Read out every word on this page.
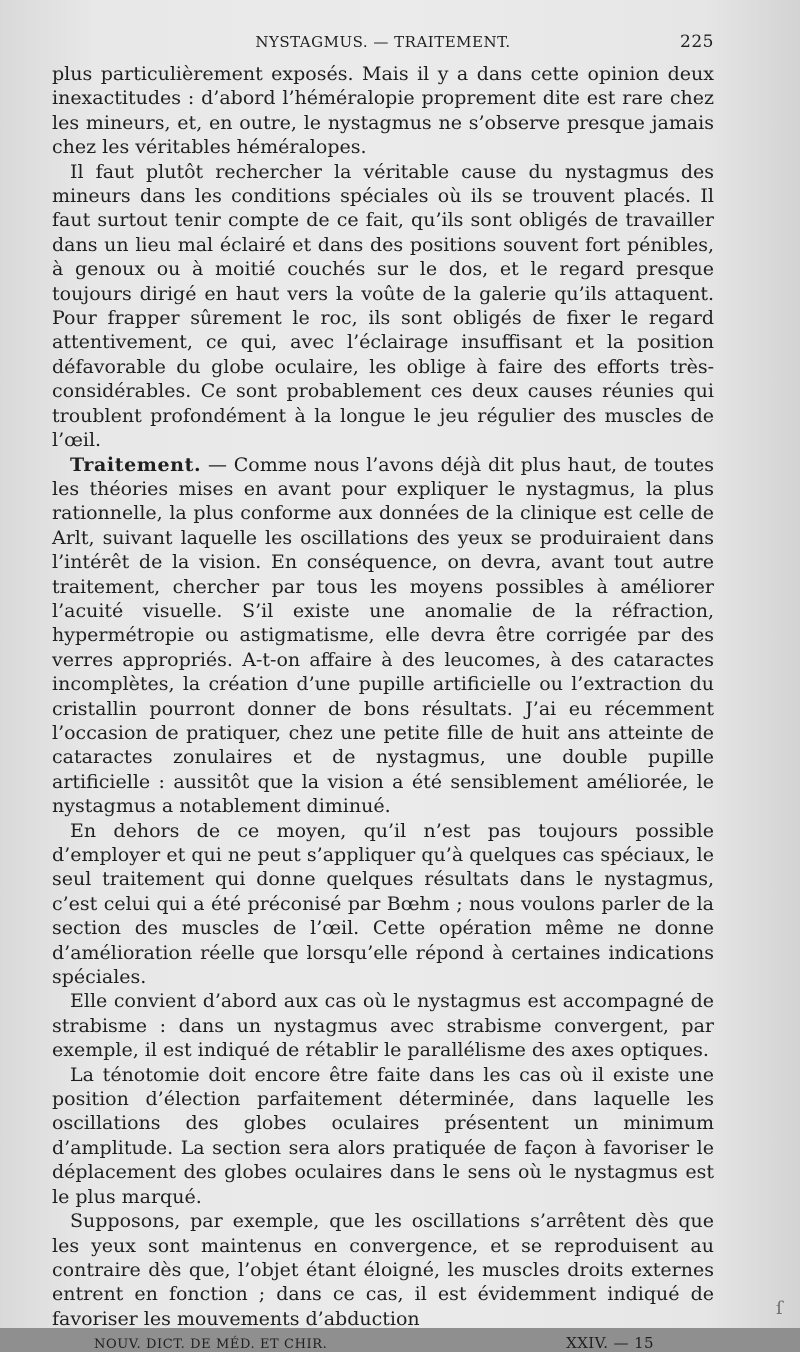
NYSTAGMUS. — TRAITEMENT.	225

plus particulièrement exposés. Mais il y a dans cette opinion deux inexactitudes : d’abord l’héméralopie proprement dite est rare chez les mineurs, et, en outre, le nystagmus ne s’observe presque jamais chez les véritables héméralopes.

Il faut plutôt rechercher la véritable cause du nystagmus des mineurs dans les conditions spéciales où ils se trouvent placés. Il faut surtout tenir compte de ce fait, qu’ils sont obligés de travailler dans un lieu mal éclairé et dans des positions souvent fort pénibles, à genoux ou à moitié couchés sur le dos, et le regard presque toujours dirigé en haut vers la voûte de la galerie qu’ils attaquent. Pour frapper sûrement le roc, ils sont obligés de fixer le regard attentivement, ce qui, avec l’éclairage insuffisant et la position défavorable du globe oculaire, les oblige à faire des efforts très-considérables. Ce sont probablement ces deux causes réunies qui troublent profondément à la longue le jeu régulier des muscles de l’œil.

Traitement. — Comme nous l’avons déjà dit plus haut, de toutes les théories mises en avant pour expliquer le nystagmus, la plus rationnelle, la plus conforme aux données de la clinique est celle de Arlt, suivant laquelle les oscillations des yeux se produiraient dans l’intérêt de la vision. En conséquence, on devra, avant tout autre traitement, chercher par tous les moyens possibles à améliorer l’acuité visuelle. S’il existe une anomalie de la réfraction, hypermétropie ou astigmatisme, elle devra être corrigée par des verres appropriés. A-t-on affaire à des leucomes, à des cataractes incomplètes, la création d’une pupille artificielle ou l’extraction du cristallin pourront donner de bons résultats. J’ai eu récemment l’occasion de pratiquer, chez une petite fille de huit ans atteinte de cataractes zonulaires et de nystagmus, une double pupille artificielle : aussitôt que la vision a été sensiblement améliorée, le nystagmus a notablement diminué.

En dehors de ce moyen, qu’il n’est pas toujours possible d’employer et qui ne peut s’appliquer qu’à quelques cas spéciaux, le seul traitement qui donne quelques résultats dans le nystagmus, c’est celui qui a été préconisé par Bœhm ; nous voulons parler de la section des muscles de l’œil. Cette opération même ne donne d’amélioration réelle que lorsqu’elle répond à certaines indications spéciales.

Elle convient d’abord aux cas où le nystagmus est accompagné de strabisme : dans un nystagmus avec strabisme convergent, par exemple, il est indiqué de rétablir le parallélisme des axes optiques.

La ténotomie doit encore être faite dans les cas où il existe une position d’élection parfaitement déterminée, dans laquelle les oscillations des globes oculaires présentent un minimum d’amplitude. La section sera alors pratiquée de façon à favoriser le déplacement des globes oculaires dans le sens où le nystagmus est le plus marqué.

Supposons, par exemple, que les oscillations s’arrêtent dès que les yeux sont maintenus en convergence, et se reproduisent au contraire dès que, l’objet étant éloigné, les muscles droits externes entrent en fonction ; dans ce cas, il est évidemment indiqué de favoriser les mouvements d’abduction

NOUV. DICT. DE MÉD. ET CHIR.	XXIV. — 15
ſ
